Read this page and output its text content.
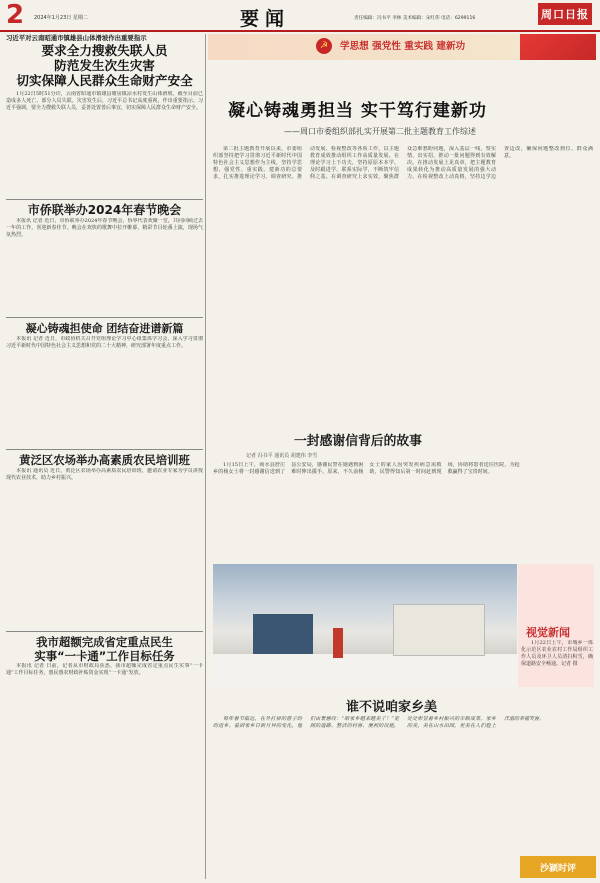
2 2024年1月23日 星期二	要闻	责任编辑：冯书平 李林 美术编辑：宋红伟 电话：6299116	周口日报
习近平对云南昭通市镇雄县山体滑坡作出重要指示
要求全力搜救失联人员
防范发生次生灾害
切实保障人民群众生命财产安全
1月22日5时51分许，云南省昭通市镇雄县塘房镇凉水村发生山体滑坡，截至目前已造成多人死亡、部分人员失联。灾害发生后，习近平总书记高度重视，作出重要指示。习近平强调，要全力搜救失联人员，妥善处置善后事宜，切实保障人民群众生命财产安全。
市侨联举办2024年春节晚会
本报讯 记者 近日，市侨联举办2024年春节晚会，侨界代表欢聚一堂，共同回顾过去一年的工作，喜迎新春佳节。晚会在欢快的歌舞中拉开帷幕，精彩节目轮番上演，现场气氛热烈。
凝心铸魂担使命 团结奋进谱新篇
本报讯 记者 近日，市政协机关召开党组理论学习中心组集体学习会，深入学习贯彻习近平新时代中国特色社会主义思想和党的二十大精神，研究部署年度重点工作。
黄泛区农场举办高素质农民培训班
本报讯 通讯员 近日，黄泛区农场举办高素质农民培训班，邀请农业专家为学员讲授现代农业技术，助力乡村振兴。
我市超额完成省定重点民生
实事“一卡通”工作目标任务
本报讯 记者 日前，记者从市财政局获悉，我市超额完成省定重点民生实事“一卡通”工作目标任务，惠民惠农财政补贴资金实现“一卡通”发放。
☭	学思想 强党性 重实践 建新功
凝心铸魂勇担当 实干笃行建新功
——周口市委组织部扎实开展第二批主题教育工作综述
第二批主题教育开展以来，市委组织部坚持把学习贯彻习近平新时代中国特色社会主义思想作为主线，坚持学思想、强党性、重实践、建新功的总要求，扎实推进理论学习、调查研究、推动发展、检视整改等各项工作，以主题教育成效推动组织工作高质量发展。在理论学习上下功夫，坚持原原本本学、及时跟进学、联系实际学，不断筑牢信仰之基。在调查研究上求实效，聚焦群众急难愁盼问题，深入基层一线，察实情、出实招，推动一批问题得到有效解决。在推动发展上见真章，把主题教育成果转化为推动高质量发展的强大动力。在检视整改上动真格，坚持边学边查边改，确保问题整改到位、群众满意。
一封感谢信背后的故事
记者 冯书平 通讯员 胡建伟 李雪
1月15日上午，商水县舒庄乡的杨女士将一封感谢信送到了县公安局，感谢民警在她遇到困难时伸出援手。原来，不久前杨女士的家人因突发疾病急需救助，民警得知后第一时间赶到现场，协助将患者送往医院，为抢救赢得了宝贵时间。
视觉新闻
1月22日上午，市城乡一体化示范区农业农村工作局组织工作人员及环卫人员清扫积雪，确保道路安全畅通。记者 摄
谁不说咱家乡美
每年春节临近，在外打拼的游子纷纷返乡。看到家乡日新月异的变化，他们由衷感叹：“咱家乡越来越美了！”宽阔的道路、整洁的村容、便利的设施，处处彰显着乡村振兴的丰硕成果。家乡的美，美在山水田园，更美在人们脸上洋溢的幸福笑容。
沙颍时评
